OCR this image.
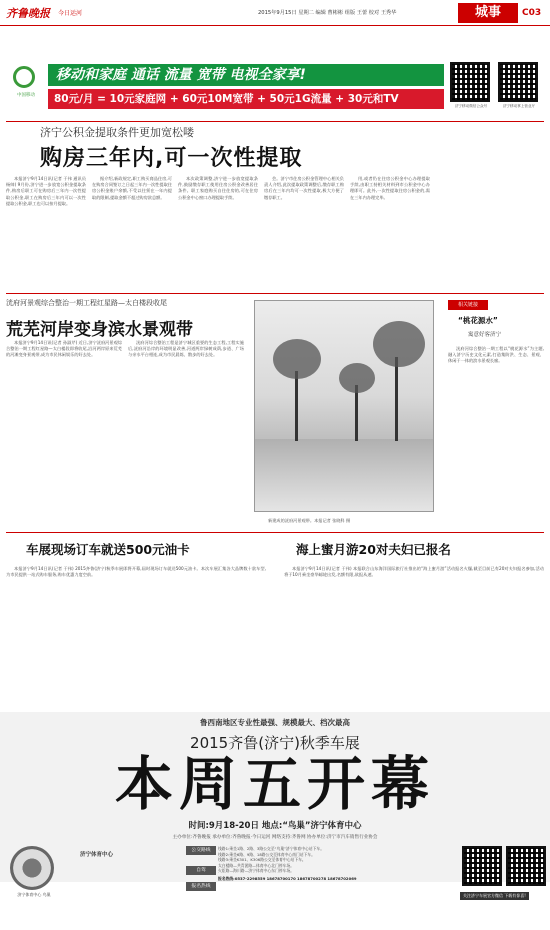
齐鲁晚报 今日运河	2015年9月15日 星期二 编辑 曹彬彬 组版 王蕾 校对 王秀华	城事	C03
中国移动
移动和家庭 通话 流量 宽带 电视全家享!
80元/月 = 10元家庭网 + 60元10M宽带 + 50元1G流量 + 30元和TV
济宁移动微信公众号	济宁移动掌上营业厅
济宁公积金提取条件更加宽松喽
购房三年内,可一次性提取

本报济宁9月14日讯(记者 于伟 通讯员 杨帅) 9月份,济宁进一步放宽公积金提取条件,购房后职工可在购房后三年内一次性提取公积金,职工在购房后三年内可以一次性提取公积金,职工也可以按月提取。

据介绍,新政规定,职工购买商品住房,可在购房合同签订之日起三年内一次性提取住房公积金账户余额,不受以往须在一年内提取的限制,提取金额不超过购房款总额。

本次政策调整,济宁进一步放宽提取条件,鼓励缴存职工使用住房公积金改善居住条件。职工家庭购买自住住房的,可在住房公积金中心窗口办理提取手续。

会。济宁市住房公积金管理中心相关负责人介绍,此次提取政策调整后,缴存职工购房后在三年内均可一次性提取,极大方便了缴存职工。

用,或者仍在住房公积金中心办理提取手续,由职工持相关材料到市公积金中心办理即可。此外,一次性提取住房公积金的,需在三年内办理完毕。

洸府河景观综合整治一期工程红星路—太白楼段收尾
荒芜河岸变身滨水景观带

本报济宁9月14日讯(记者 孙淑芹) 近日,济宁洸府河景观综合整治一期工程红星路—太白楼段即将收尾,沿河两岸原来荒芜的河滩变身景观带,成为市民休闲娱乐的好去处。

洸府河综合整治工程是济宁城区重要的生态工程,工程实施后,洸府河沿岸的环境明显改善,河道两岸绿树成荫,步道、广场与亲水平台相连,成为市民晨练、散步的好去处。

新建成的洸府河景观带。本报记者 张晓科 摄
相关链接
“桃花源水”
寓意好客济宁

洸府河综合整治一期工程以“桃花源水”为主题,融入济宁历史文化元素,打造集防洪、生态、景观、休闲于一体的滨水景观长廊。

车展现场订车就送500元油卡

本报济宁9月14日讯(记者 于伟) 2015齐鲁(济宁)秋季车展即将开幕,届时现场订车就送500元油卡。本次车展汇集各大品牌数十款车型,为市民提供一站式购车服务,购车优惠力度空前。

海上蜜月游20对夫妇已报名

本报济宁9月14日讯(记者 于伟) 本报联合山东海洋国际旅行社推出的“海上蜜月游”活动报名火爆,截至目前已有20对夫妇报名参加,活动将于10月乘坐豪华邮轮出发,名额有限,欲报从速。

鲁西南地区专业性最强、规模最大、档次最高
2015齐鲁(济宁)秋季车展
本周五开幕
时间:9月18-20日 地点:“鸟巢”济宁体育中心
主办单位:齐鲁晚报 承办单位:齐鲁晚报·今日运河 网络支持:齐鲁网 协办单位:济宁市汽车销售行业协会
济宁体育中心 鸟巢
济宁体育中心
公交路线
自驾
报名热线
线路1:乘坐1路、2路、3路公交至“鸟巢”济宁体育中心站下车。
线路2:乘坐6路、9路、18路公交至体育中心南门站下车。
线路3:乘坐K301、K306路公交至体育中心站下车。
太白楼路—共青团路—体育中心北门停车场。
火炬路—海川路—济宁体育中心东门停车场。
报名热线:0537-2298559 18678700170 18678700278 18678702069
关注济宁车展官方微信 下载有惊喜!
